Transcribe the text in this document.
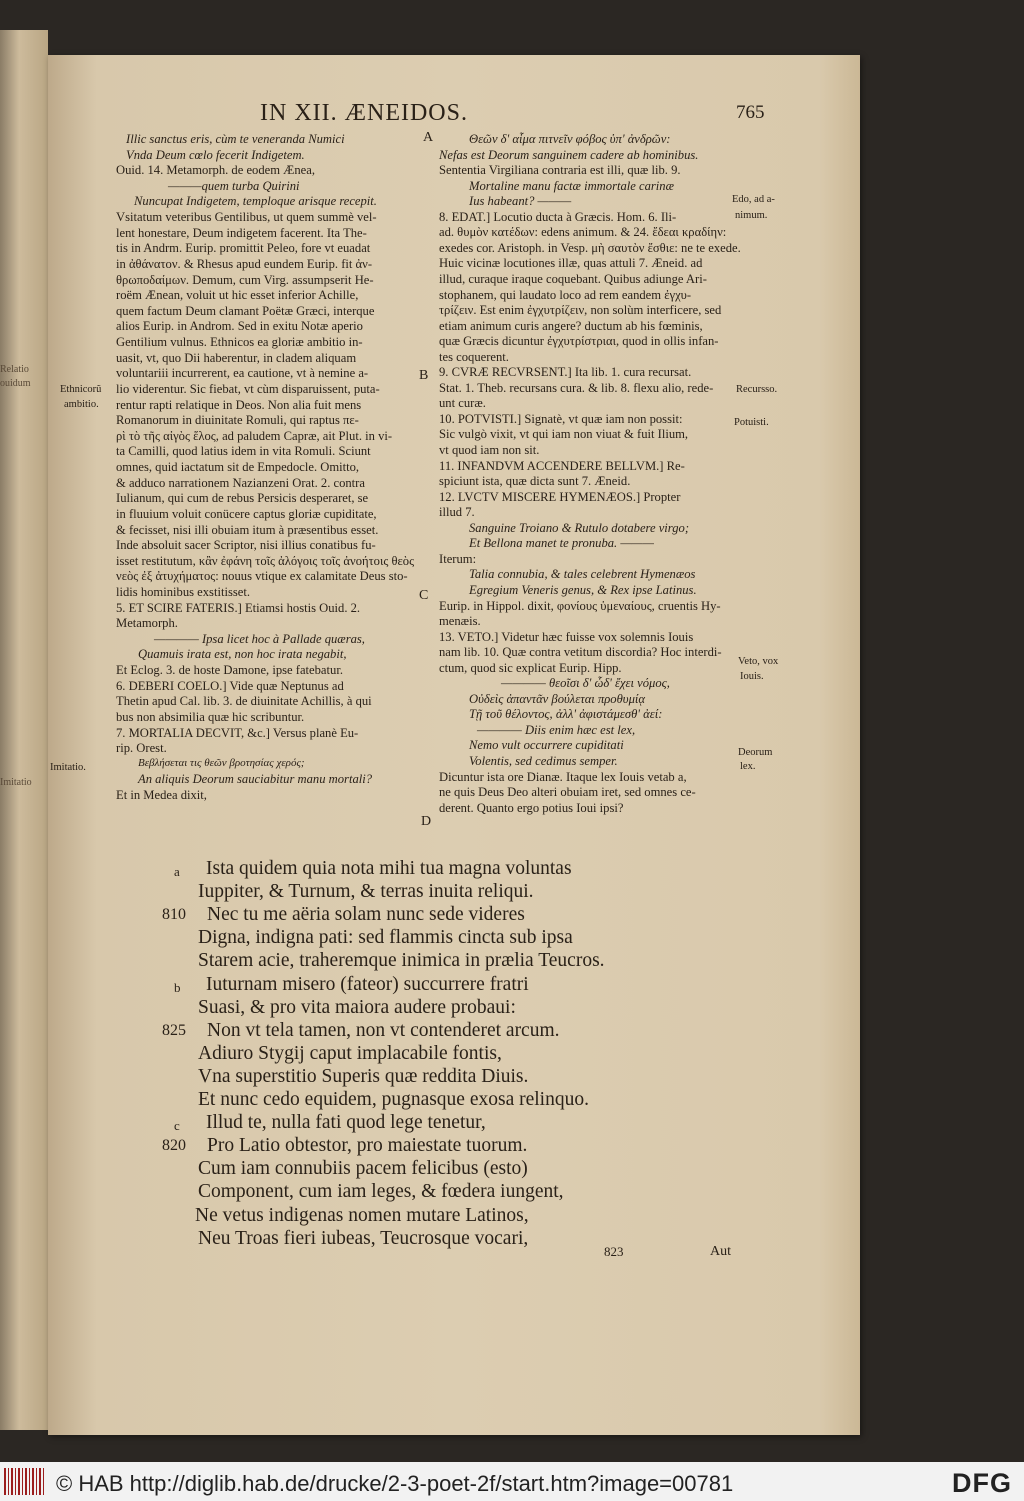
Relatio
ouidum
Imitatio
IN XII. ÆNEIDOS.	765
Ethnicorũ
ambitio.
Imitatio.
A
B
C
D
Edo, ad a-
nimum.
Recursso.
Potuisti.
Veto, vox
Iouis.
Deorum
lex.
823	Aut
Illic sanctus eris, cùm te veneranda Numici
Vnda Deum cœlo fecerit Indigetem.
Ouid. 14. Metamorph. de eodem Ænea,
———quem turba Quirini
Nuncupat Indigetem, temploque arisque recepit.
Vsitatum veteribus Gentilibus, ut quem summè vel-
lent honestare, Deum indigetem facerent. Ita The-
tis in Andrm. Eurip. promittit Peleo, fore vt euadat
in ἀθάνατον. & Rhesus apud eundem Eurip. fit ἀν-
θρωποδαίμων. Demum, cum Virg. assumpserit He-
roëm Ænean, voluit ut hic esset inferior Achille,
quem factum Deum clamant Poëtæ Græci, interque
alios Eurip. in Androm. Sed in exitu Notæ aperio
Gentilium vulnus. Ethnicos ea gloriæ ambitio in-
uasit, vt, quo Dii haberentur, in cladem aliquam
voluntariii incurrerent, ea cautione, vt à nemine a-
lio viderentur. Sic fiebat, vt cùm disparuissent, puta-
rentur rapti relatique in Deos. Non alia fuit mens
Romanorum in diuinitate Romuli, qui raptus πε-
ρὶ τὸ τῆς αἰγὸς ἕλος, ad paludem Capræ, ait Plut. in vi-
ta Camilli, quod latius idem in vita Romuli. Sciunt
omnes, quid iactatum sit de Empedocle. Omitto,
& adduco narrationem Nazianzeni Orat. 2. contra
Iulianum, qui cum de rebus Persicis desperaret, se
in fluuium voluit conücere captus gloriæ cupiditate,
& fecisset, nisi illi obuiam itum à præsentibus esset.
Inde absoluit sacer Scriptor, nisi illius conatibus fu-
isset restitutum, κἂν ἐφάνη τοῖς ἀλόγοις τοῖς ἀνοήτοις θεὸς
νεὸς ἐξ ἀτυχήματος: nouus vtique ex calamitate Deus sto-
lidis hominibus exstitisset.
5. ET SCIRE FATERIS.] Etiamsi hostis Ouid. 2.
Metamorph.
———— Ipsa licet hoc à Pallade quæras,
Quamuis irata est, non hoc irata negabit,
Et Eclog. 3. de hoste Damone, ipse fatebatur.
6. DEBERI COELO.] Vide quæ Neptunus ad
Thetin apud Cal. lib. 3. de diuinitate Achillis, à qui
bus non absimilia quæ hic scribuntur.
7. MORTALIA DECVIT, &c.] Versus planè Eu-
rip. Orest.
Βεβλήσεται τις θεῶν βροτησίας χερός;
An aliquis Deorum sauciabitur manu mortali?
Et in Medea dixit,
Θεῶν δ' αἷμα πιτνεῖν φόβος ὑπ' ἀνδρῶν:
Nefas est Deorum sanguinem cadere ab hominibus.
Sententia Virgiliana contraria est illi, quæ lib. 9.
Mortaline manu factæ immortale carinæ
Ius habeant? ———
8. EDAT.] Locutio ducta à Græcis. Hom. 6. Ili-
ad. θυμὸν κατέδων: edens animum. & 24. ἔδεαι κραδίην:
exedes cor. Aristoph. in Vesp. μὴ σαυτὸν ἔσθιε: ne te exede.
Huic vicinæ locutiones illæ, quas attuli 7. Æneid. ad
illud, curaque iraque coquebant. Quibus adiunge Ari-
stophanem, qui laudato loco ad rem eandem ἐγχυ-
τρίζειν. Est enim ἐγχυτρίζειν, non solùm interficere, sed
etiam animum curis angere? ductum ab his fœminis,
quæ Græcis dicuntur ἐγχυτρίστριαι, quod in ollis infan-
tes coquerent.
9. CVRÆ RECVRSENT.] Ita lib. 1. cura recursat.
Stat. 1. Theb. recursans cura. & lib. 8. flexu alio, rede-
unt curæ.
10. POTVISTI.] Signatè, vt quæ iam non possit:
Sic vulgò vixit, vt qui iam non viuat & fuit Ilium,
vt quod iam non sit.
11. INFANDVM ACCENDERE BELLVM.] Re-
spiciunt ista, quæ dicta sunt 7. Æneid.
12. LVCTV MISCERE HYMENÆOS.] Propter
illud 7.
Sanguine Troiano & Rutulo dotabere virgo;
Et Bellona manet te pronuba. ———
Iterum:
Talia connubia, & tales celebrent Hymenæos
Egregium Veneris genus, & Rex ipse Latinus.
Eurip. in Hippol. dixit, φονίους ὑμεναίους, cruentis Hy-
menæis.
13. VETO.] Videtur hæc fuisse vox solemnis Iouis
nam lib. 10. Quæ contra vetitum discordia? Hoc interdi-
ctum, quod sic explicat Eurip. Hipp.
———— θεοῖσι δ' ὧδ' ἔχει νόμος,
Οὐδεὶς ἀπαντᾶν βούλεται προθυμίᾳ
Τῇ τοῦ θέλοντος, ἀλλ' ἀφιστάμεσθ' ἀεί:
———— Diis enim hæc est lex,
Nemo vult occurrere cupiditati
Volentis, sed cedimus semper.
Dicuntur ista ore Dianæ. Itaque lex Iouis vetab a,
ne quis Deus Deo alteri obuiam iret, sed omnes ce-
derent. Quanto ergo potius Ioui ipsi?
a Ista quidem quia nota mihi tua magna voluntas
Iuppiter, & Turnum, & terras inuita reliqui.
810 Nec tu me aëria solam nunc sede videres
Digna, indigna pati: sed flammis cincta sub ipsa
Starem acie, traheremque inimica in prælia Teucros.
b Iuturnam misero (fateor) succurrere fratri
Suasi, & pro vita maiora audere probaui:
825 Non vt tela tamen, non vt contenderet arcum.
Adiuro Stygij caput implacabile fontis,
Vna superstitio Superis quæ reddita Diuis.
Et nunc cedo equidem, pugnasque exosa relinquo.
c Illud te, nulla fati quod lege tenetur,
820 Pro Latio obtestor, pro maiestate tuorum.
Cum iam connubiis pacem felicibus (esto)
Component, cum iam leges, & fœdera iungent,
Ne vetus indigenas nomen mutare Latinos,
Neu Troas fieri iubeas, Teucrosque vocari,
© HAB http://diglib.hab.de/drucke/2-3-poet-2f/start.htm?image=00781	DFG
